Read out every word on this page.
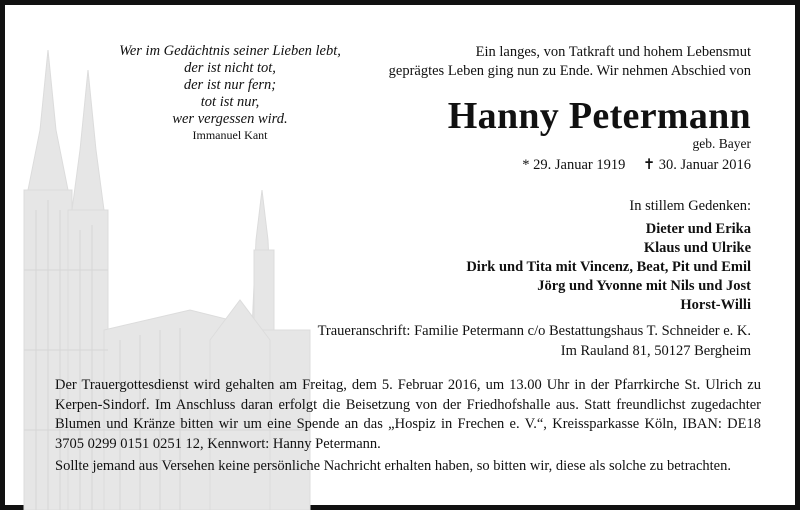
Wer im Gedächtnis seiner Lieben lebt,
der ist nicht tot,
der ist nur fern;
tot ist nur,
wer vergessen wird.
Immanuel Kant
Ein langes, von Tatkraft und hohem Lebensmut
geprägtes Leben ging nun zu Ende. Wir nehmen Abschied von
Hanny Petermann
geb. Bayer
* 29. Januar 1919 ✝ 30. Januar 2016
In stillem Gedenken:
Dieter und Erika
Klaus und Ulrike
Dirk und Tita mit Vincenz, Beat, Pit und Emil
Jörg und Yvonne mit Nils und Jost
Horst-Willi
Traueranschrift: Familie Petermann c/o Bestattungshaus T. Schneider e. K.
Im Rauland 81, 50127 Bergheim
Der Trauergottesdienst wird gehalten am Freitag, dem 5. Februar 2016, um 13.00 Uhr in der Pfarrkirche St. Ulrich zu Kerpen-Sindorf. Im Anschluss daran erfolgt die Beisetzung von der Friedhofshalle aus. Statt freundlichst zugedachter Blumen und Kränze bitten wir um eine Spende an das „Hospiz in Frechen e. V.“, Kreissparkasse Köln, IBAN: DE18 3705 0299 0151 0251 12, Kennwort: Hanny Petermann.
Sollte jemand aus Versehen keine persönliche Nachricht erhalten haben, so bitten wir, diese als solche zu betrachten.
